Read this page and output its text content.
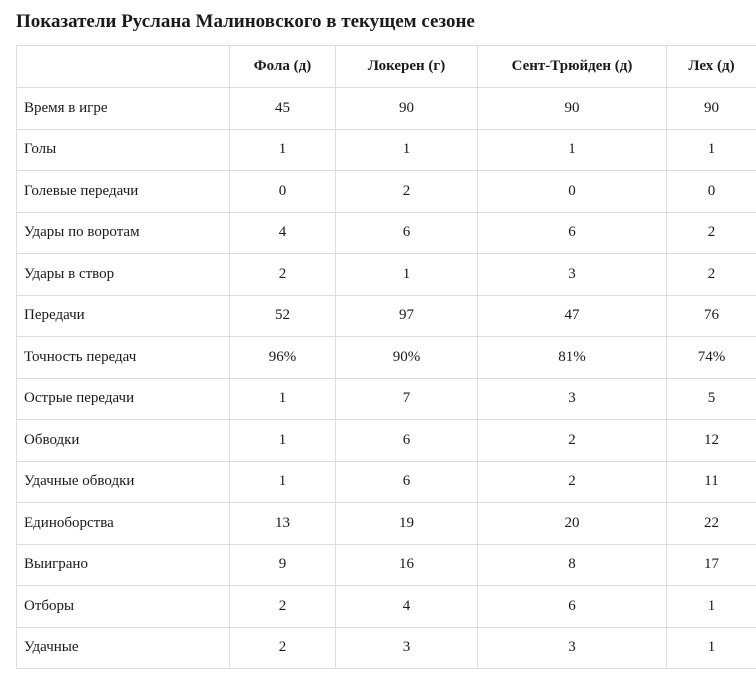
Показатели Руслана Малиновского в текущем сезоне
	Фола (д)	Локерен (г)	Сент-Трюйден (д)	Лех (д)
Время в игре	45	90	90	90
Голы	1	1	1	1
Голевые передачи	0	2	0	0
Удары по воротам	4	6	6	2
Удары в створ	2	1	3	2
Передачи	52	97	47	76
Точность передач	96%	90%	81%	74%
Острые передачи	1	7	3	5
Обводки	1	6	2	12
Удачные обводки	1	6	2	11
Единоборства	13	19	20	22
Выиграно	9	16	8	17
Отборы	2	4	6	1
Удачные	2	3	3	1
